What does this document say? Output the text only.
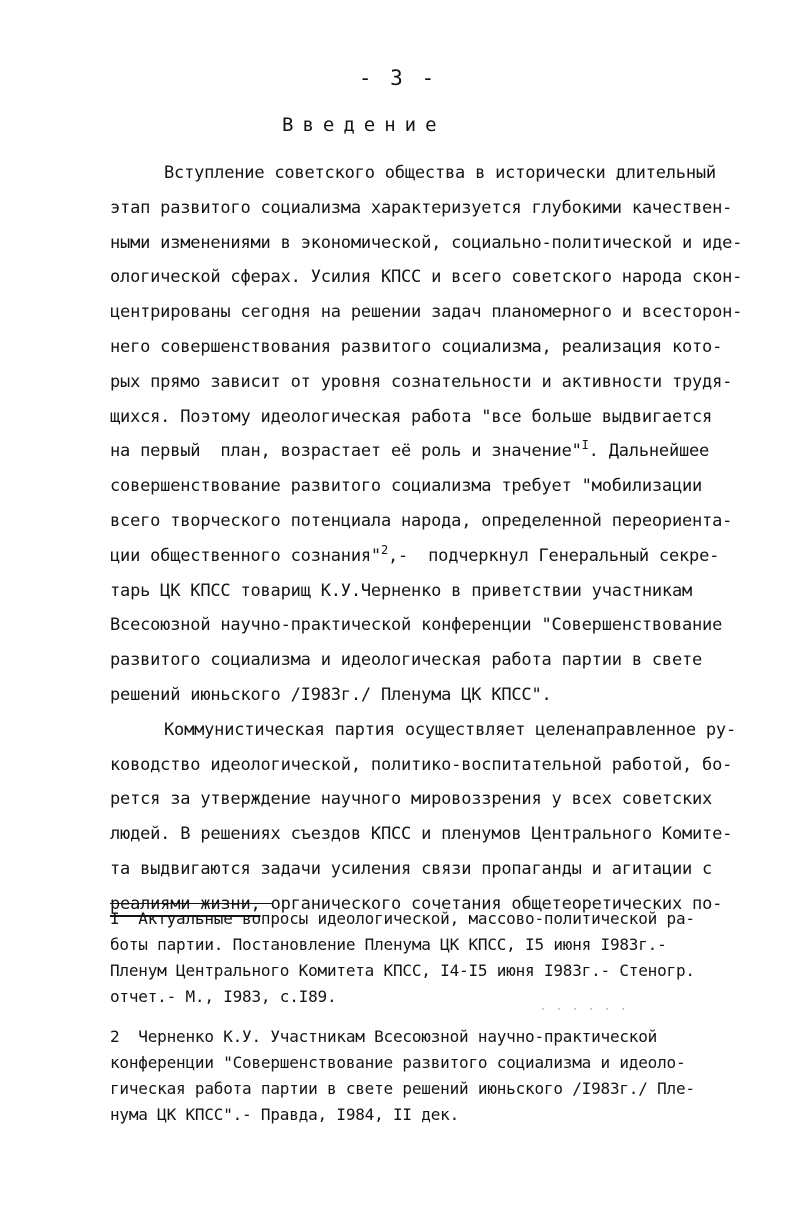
- 3 -
Введение
Вступление советского общества в исторически длительный
этап развитого социализма характеризуется глубокими качествен-
ными изменениями в экономической, социально-политической и иде-
ологической сферах. Усилия КПСС и всего советского народа скон-
центрированы сегодня на решении задач планомерного и всесторон-
него совершенствования развитого социализма, реализация кото-
рых прямо зависит от уровня сознательности и активности трудя-
щихся. Поэтому идеологическая работа "все больше выдвигается
на первый  план, возрастает её роль и значение"$^I$. Дальнейшее
совершенствование развитого социализма требует "мобилизации
всего творческого потенциала народа, определенной переориента-
ции общественного сознания"$^2$,-  подчеркнул Генеральный секре-
тарь ЦК КПСС товарищ К.У.Черненко в приветствии участникам
Всесоюзной научно-практической конференции "Совершенствование
развитого социализма и идеологическая работа партии в свете
решений июньского /I983г./ Пленума ЦК КПСС".
Коммунистическая партия осуществляет целенаправленное ру-
ководство идеологической, политико-воспитательной работой, бо-
рется за утверждение научного мировоззрения у всех советских
людей. В решениях съездов КПСС и пленумов Центрального Комите-
та выдвигаются задачи усиления связи пропаганды и агитации с
реалиями жизни, органического сочетания общетеоретических по-
I  Актуальные вопросы идеологической, массово-политической ра-
боты партии. Постановление Пленума ЦК КПСС, I5 июня I983г.-
Пленум Центрального Комитета КПСС, I4-I5 июня I983г.- Стеногр.
отчет.- М., I983, с.I89.
2  Черненко К.У. Участникам Всесоюзной научно-практической
конференции "Совершенствование развитого социализма и идеоло-
гическая работа партии в свете решений июньского /I983г./ Пле-
нума ЦК КПСС".- Правда, I984, II дек.
· · · · · ·
